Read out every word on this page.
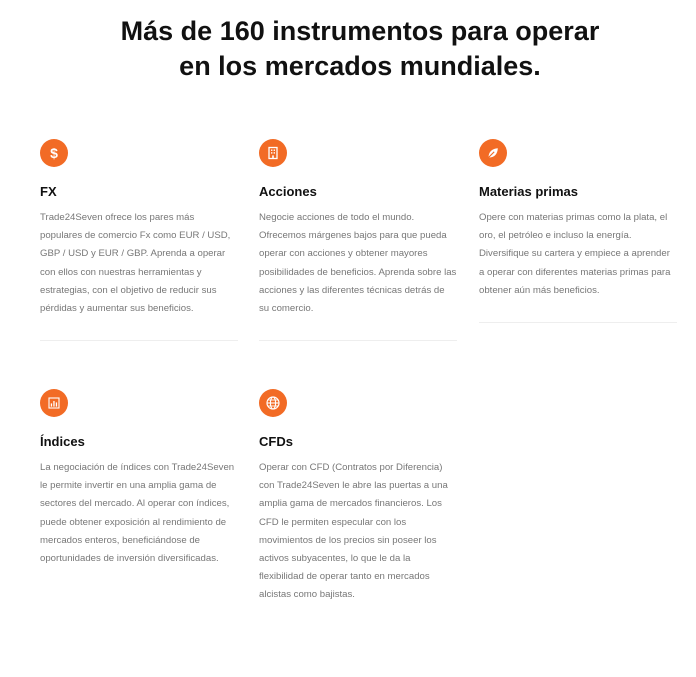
Más de 160 instrumentos para operar en los mercados mundiales.
$
FX

Trade24Seven ofrece los pares más populares de comercio Fx como EUR / USD, GBP / USD y EUR / GBP. Aprenda a operar con ellos con nuestras herramientas y estrategias, con el objetivo de reducir sus pérdidas y aumentar sus beneficios.

Acciones

Negocie acciones de todo el mundo. Ofrecemos márgenes bajos para que pueda operar con acciones y obtener mayores posibilidades de beneficios. Aprenda sobre las acciones y las diferentes técnicas detrás de su comercio.

Materias primas

Opere con materias primas como la plata, el oro, el petróleo e incluso la energía. Diversifique su cartera y empiece a aprender a operar con diferentes materias primas para obtener aún más beneficios.

Índices

La negociación de índices con Trade24Seven le permite invertir en una amplia gama de sectores del mercado. Al operar con índices, puede obtener exposición al rendimiento de mercados enteros, beneficiándose de oportunidades de inversión diversificadas.

CFDs

Operar con CFD (Contratos por Diferencia) con Trade24Seven le abre las puertas a una amplia gama de mercados financieros. Los CFD le permiten especular con los movimientos de los precios sin poseer los activos subyacentes, lo que le da la flexibilidad de operar tanto en mercados alcistas como bajistas.
